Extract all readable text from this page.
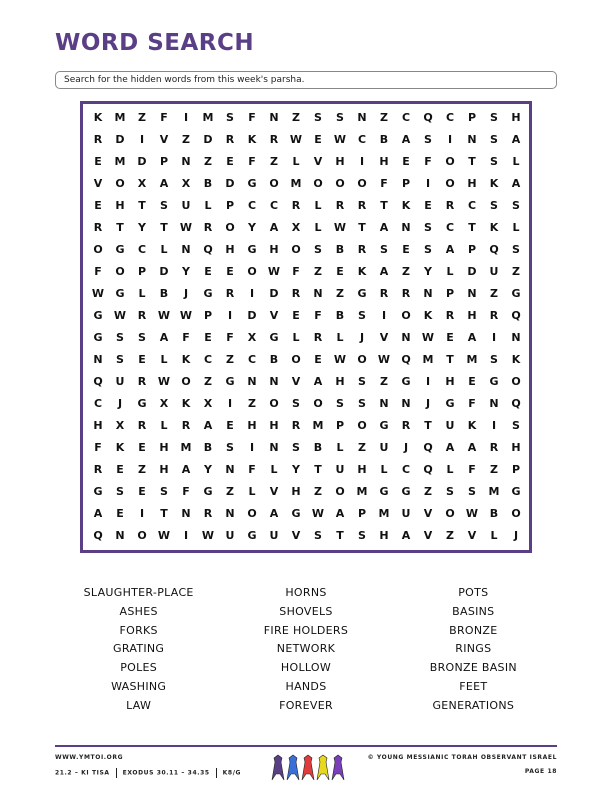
WORD SEARCH
Search for the hidden words from this week's parsha.
K	M	Z	F	I	M	S	F	N	Z	S	S	N	Z	C	Q	C	P	S	H
R	D	I	V	Z	D	R	K	R	W	E	W	C	B	A	S	I	N	S	A
E	M	D	P	N	Z	E	F	Z	L	V	H	I	H	E	F	O	T	S	L
V	O	X	A	X	B	D	G	O	M	O	O	O	F	P	I	O	H	K	A
E	H	T	S	U	L	P	C	C	R	L	R	R	T	K	E	R	C	S	S
R	T	Y	T	W	R	O	Y	A	X	L	W	T	A	N	S	C	T	K	L
O	G	C	L	N	Q	H	G	H	O	S	B	R	S	E	S	A	P	Q	S
F	O	P	D	Y	E	E	O	W	F	Z	E	K	A	Z	Y	L	D	U	Z
W	G	L	B	J	G	R	I	D	R	N	Z	G	R	R	N	P	N	Z	G
G	W	R	W W	P	I	D	V	E	F	B	S	I	O	K	R	H	R	Q
G	S	S	A	F	E	F	X	G	L	R	L	J	V	N	W	E	A	I	N
N	S	E	L	K	C	Z	C	B	O	E	W	O	W	Q	M	T	M	S	K
Q	U	R	W	O	Z	G	N	N	V	A	H	S	Z	G	I	H	E	G	O
C	J	G	X	K	X	I	Z	O	S	O	S	S	N	N	J	G	F	N	Q
H	X	R	L	R	A	E	H	H	R	M	P	O	G	R	T	U	K	I	S
F	K	E	H	M	B	S	I	N	S	B	L	Z	U	J	Q	A	A	R	H
R	E	Z	H	A	Y	N	F	L	Y	T	U	H	L	C	Q	L	F	Z	P
G	S	E	S	F	G	Z	L	V	H	Z	O	M	G	G	Z	S	S	M	G
A	E	I	T	N	R	N	O	A	G	W	A	P	M	U	V	O	W	B	O
Q	N	O	W	I	W	U	G	U	V	S	T	S	H	A	V	Z	V	L	J
SLAUGHTER-PLACE
ASHES
FORKS
GRATING
POLES
WASHING
LAW
HORNS
SHOVELS
FIRE HOLDERS
NETWORK
HOLLOW
HANDS
FOREVER
POTS
BASINS
BRONZE
RINGS
BRONZE BASIN
FEET
GENERATIONS
WWW.YMTOI.ORG
21.2 – KI TISA EXODUS 30.11 – 34.35 K8/G
© YOUNG MESSIANIC TORAH OBSERVANT ISRAEL
PAGE 18
